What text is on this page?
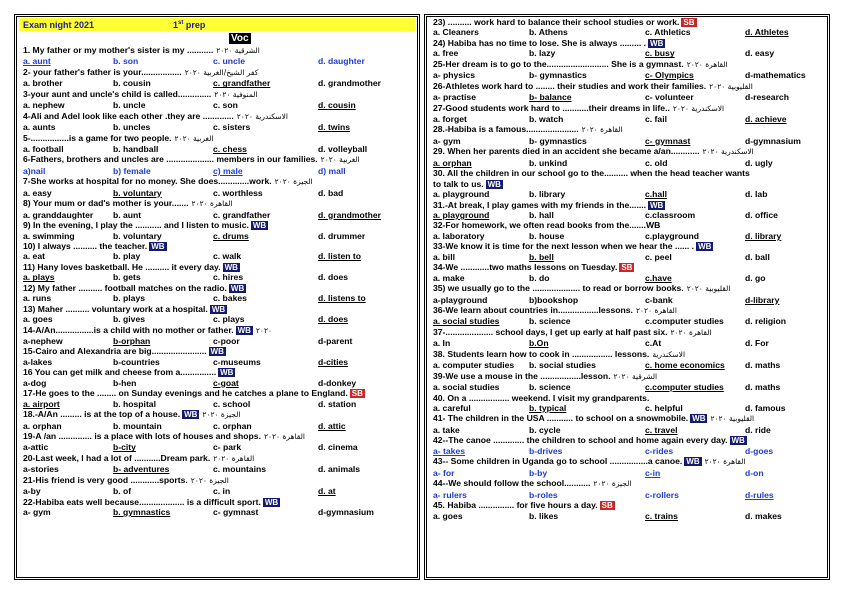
Exam night 2021	1st prep
Voc
1. My father or my mother's sister is my ........... الشرقية ٢٠٢٠
a. aunt	b. son	c. uncle	d. daughter
2- your father's father is your................. كفر الشيخ/الغربية ٢٠٢٠
a. brother	b. cousin	c. grandfather	d. grandmother
3-your aunt and uncle's child is called.............. المنوفية ٢٠٢٠
a. nephew	b. uncle	c. son	d. cousin
4-Ali and Adel look like each other .they are ............. الاسكندرية ٢٠٢٠
a. aunts	b. uncles	c. sisters	d. twins
5-................is a game for two people. الغربية ٢٠٢٠
a. football	b. handball	c. chess	d. volleyball
6-Fathers, brothers and uncles are .................... members in our families. الغربية ٢٠٢٠
a)nail	b) female	c) male	d) mall
7-She works at hospital for no money. She does.............work. الجيزة ٢٠٢٠
a. easy	b. voluntary	c. worthless	d. bad
8) Your mum or dad's mother is your....... القاهرة ٢٠٢٠
a. granddaughter b. aunt	c. grandfather	d. grandmother
9) In the evening, I play the ........... and I listen to music. WB
a. swimming	b. voluntary	c. drums	d. drummer
10) I always .......... the teacher. WB
a. eat	b. play	c. walk	d. listen to
11) Hany loves basketball. He .......... it every day. WB
a. plays	b. gets	c. hires	d. does
12) My father .......... football matches on the radio. WB
a. runs	b. plays	c. bakes	d. listens to
13) Maher .......... voluntary work at a hospital. WB
a. goes	b. gives	c. plays	d. does
14-A/An................is a child with no mother or father. WB ٢٠٢٠
a-nephew	b-orphan	c-poor	d-parent
15-Cairo and Alexandria are big....................... WB
a-lakes	b-countries	c-museums	d-cities
16 You can get milk and cheese from a............... WB
a-dog	b-hen	c-goat	d-donkey
17-He goes to the ........ on Sunday evenings and he catches a plane to England. SB
a. airport	b. hospital	c. school	d. station
18.-A/An ......... is at the top of a house. WB الجيزة ٢٠٢٠
a. orphan	b. mountain	c. orphan	d. attic
19-A /an .............. is a place with lots of houses and shops. القاهرة ٢٠٢٠
a-attic	b-city	c- park	d. cinema
20-Last week, I had a lot of ...........Dream park. القاهرة ٢٠٢٠
a-stories	b- adventures	c. mountains	d. animals
21-His friend is very good ............sports. الجيزة ٢٠٢٠
a-by	b. of	c. in	d. at
22-Habiba eats well because................... is a difficult sport. WB
a- gym	b. gymnastics	c- gymnast	d-gymnasium
23) .......... work hard to balance their school studies or work. SB
a. Cleaners	b. Athens	c. Athletics	d. Athletes
24) Habiba has no time to lose. She is always ......... . WB
a. free	b. lazy	c. busy	d. easy
25-Her dream is to go to the.......................... She is a gymnast. القاهرة ٢٠٢٠
a- physics	b- gymnastics	c- Olympics	d-mathematics
26-Athletes work hard to ........ their studies and work their families. القليوبية ٢٠٢٠
a- practise	b- balance	c- volunteer	d-research
27-Good students work hard to ...........their dreams in life.. الاسكندرية ٢٠٢٠
a. forget	b. watch	c. fail	d. achieve
28.-Habiba is a famous...................... القاهرة ٢٠٢٠
a- gym	b- gymnastics	c- gymnast	d-gymnasium
29. When her parents died in an accident she became a/an............ الاسكندرية ٢٠٢٠
a. orphan	b. unkind	c. old	d. ugly
30. All the children in our school go to the.......... when the head teacher wants
to talk to us. WB
a. playground	b. library	c.hall	d. lab
31.-At break, I play games with my friends in the....... WB
a. playground	b. hall	c.classroom	d. office
32-For homework, we often read books from the.......WB
a. laboratory	b. house	c.playground	d. library
33-We know it is time for the next lesson when we hear the ...... . WB
a. bill	b. bell	c. peel	d. ball
34-We ............two maths lessons on Tuesday. SB
a. make	b. do	c.have	d. go
35) we usually go to the .................... to read or borrow books. القليوبية ٢٠٢٠
a-playground	b)bookshop	c-bank	d-library
36-We learn about countries in.................lessons. القاهرة ٢٠٢٠
a. social studies	b. science	c.computer studies d. religion
37-.................... school days, I get up early at half past six. القاهرة ٢٠٢٠
a. In	b.On	c.At	d. For
38. Students learn how to cook in ................. lessons. الاسكندرية
a. computer studies b. social studies	c. home economics d. maths
39-We use a mouse in the .................lesson. الشرقية ٢٠٢٠
a. social studies	b. science	c.computer studies d. maths
40. On a ................. weekend. I visit my grandparents.
a. careful	b. typical	c. helpful	d. famous
41- The children in the USA ........... to school on a snowmobile. WB القليوبية ٢٠٢٠
a. take	b. cycle	c. travel	d. ride
42--The canoe ............. the children to school and home again every day. WB
a- takes	b-drives	c-rides	d-goes
43-- Some children in Uganda go to school ................a canoe. WB القاهرة ٢٠٢٠
a- for	b-by	c-in	d-on
44--We should follow the school........... الجيزة ٢٠٢٠
a- rulers	b-roles	c-rollers	d-rules
45. Habiba ............... for five hours a day. SB
a. goes	b. likes	c. trains	d. makes
